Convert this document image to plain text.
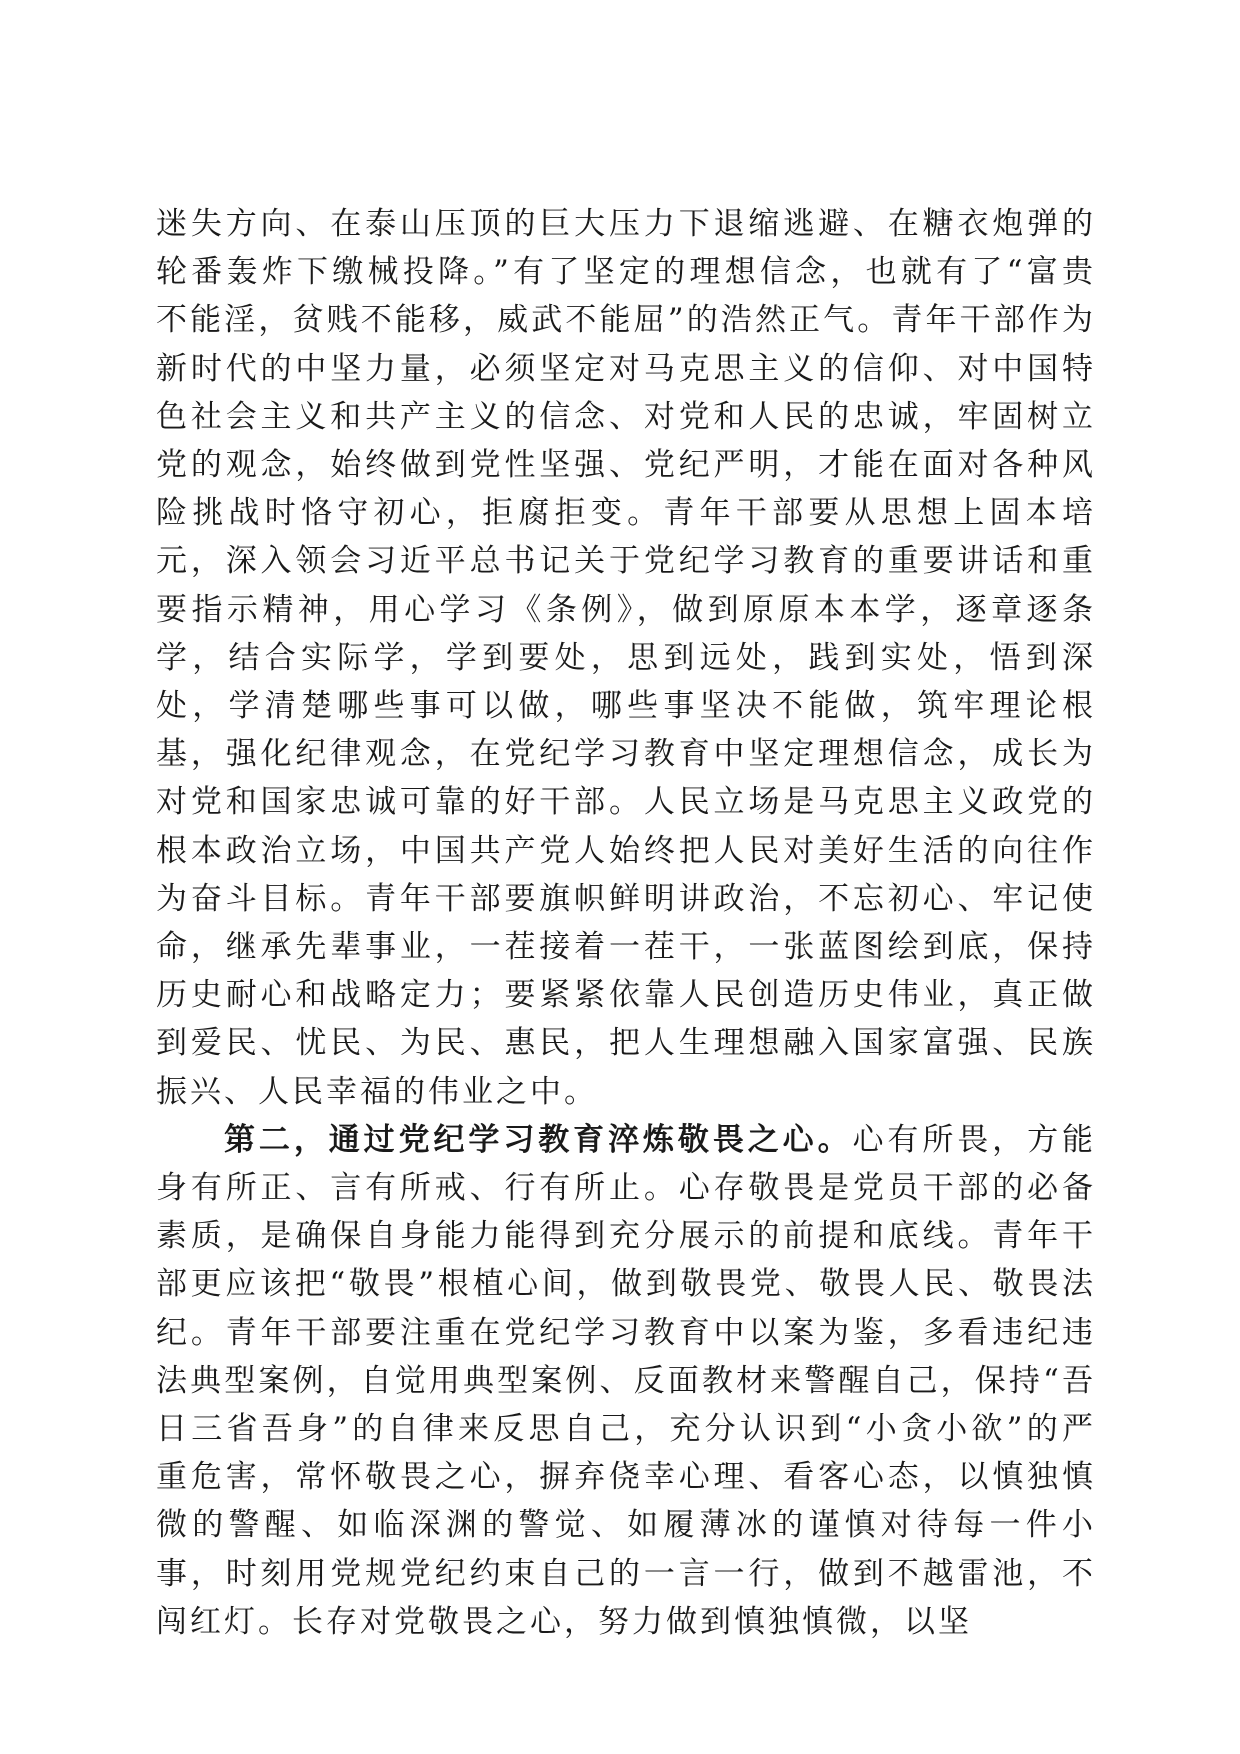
迷失方向、在泰山压顶的巨大压力下退缩逃避、在糖衣炮弹的轮番轰炸下缴械投降。”有了坚定的理想信念，也就有了“富贵不能淫，贫贱不能移，威武不能屈”的浩然正气。青年干部作为新时代的中坚力量，必须坚定对马克思主义的信仰、对中国特色社会主义和共产主义的信念、对党和人民的忠诚，牢固树立党的观念，始终做到党性坚强、党纪严明，才能在面对各种风险挑战时恪守初心，拒腐拒变。青年干部要从思想上固本培元，深入领会习近平总书记关于党纪学习教育的重要讲话和重要指示精神，用心学习《条例》，做到原原本本学，逐章逐条学，结合实际学，学到要处，思到远处，践到实处，悟到深处，学清楚哪些事可以做，哪些事坚决不能做，筑牢理论根基，强化纪律观念，在党纪学习教育中坚定理想信念，成长为对党和国家忠诚可靠的好干部。人民立场是马克思主义政党的根本政治立场，中国共产党人始终把人民对美好生活的向往作为奋斗目标。青年干部要旗帜鲜明讲政治，不忘初心、牢记使命，继承先辈事业，一茬接着一茬干，一张蓝图绘到底，保持历史耐心和战略定力；要紧紧依靠人民创造历史伟业，真正做到爱民、忧民、为民、惠民，把人生理想融入国家富强、民族振兴、人民幸福的伟业之中。

第二，通过党纪学习教育淬炼敬畏之心。心有所畏，方能身有所正、言有所戒、行有所止。心存敬畏是党员干部的必备素质，是确保自身能力能得到充分展示的前提和底线。青年干部更应该把“敬畏”根植心间，做到敬畏党、敬畏人民、敬畏法纪。青年干部要注重在党纪学习教育中以案为鉴，多看违纪违法典型案例，自觉用典型案例、反面教材来警醒自己，保持“吾日三省吾身”的自律来反思自己，充分认识到“小贪小欲”的严重危害，常怀敬畏之心，摒弃侥幸心理、看客心态，以慎独慎微的警醒、如临深渊的警觉、如履薄冰的谨慎对待每一件小事，时刻用党规党纪约束自己的一言一行，做到不越雷池，不闯红灯。长存对党敬畏之心，努力做到慎独慎微，以坚
